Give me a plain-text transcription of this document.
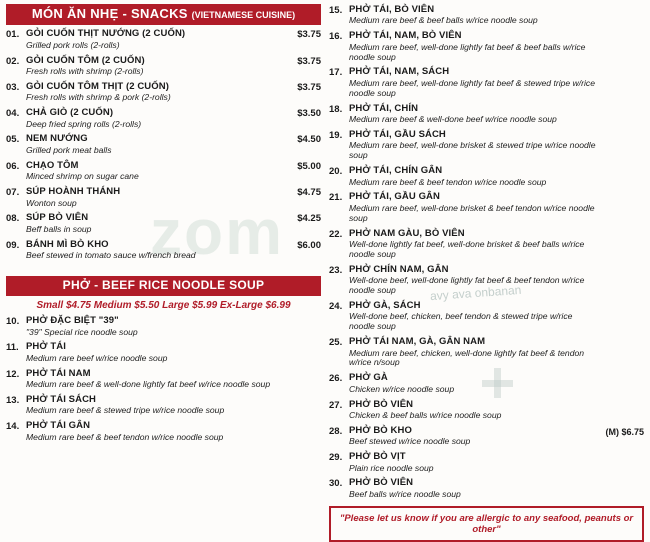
zom
avy ava onbanan
MÓN ĂN NHẸ - SNACKS (VIETNAMESE CUISINE)
01. GỎI CUỐN THỊT NƯỚNG (2 CUỐN)
Grilled pork rolls (2-rolls)
$3.75
02. GỎI CUỐN TÔM (2 CUỐN)
Fresh rolls with shrimp (2-rolls)
$3.75
03. GỎI CUỐN TÔM THỊT (2 CUỐN)
Fresh rolls with shrimp & pork (2-rolls)
$3.75
04. CHẢ GIÒ (2 CUỐN)
Deep fried spring rolls (2-rolls)
$3.50
05. NEM NƯỚNG
Grilled pork meat balls
$4.50
06. CHẠO TÔM
Minced shrimp on sugar cane
$5.00
07. SÚP HOÀNH THÁNH
Wonton soup
$4.75
08. SÚP BÒ VIÊN
Beff balls in soup
$4.25
09. BÁNH MÌ BÒ KHO
Beef stewed in tomato sauce w/french bread
$6.00
PHỞ - BEEF RICE NOODLE SOUP
Small $4.75 Medium $5.50 Large $5.99 Ex-Large $6.99
10. PHỞ ĐẶC BIỆT "39"
"39" Special rice noodle soup
11. PHỞ TÁI
Medium rare beef w/rice noodle soup
12. PHỞ TÁI NAM
Medium rare beef & well-done lightly fat beef w/rice noodle soup
13. PHỞ TÁI SÁCH
Medium rare beef & stewed tripe w/rice noodle soup
14. PHỞ TÁI GÂN
Medium rare beef & beef tendon w/rice noodle soup
15. PHỞ TÁI, BÒ VIÊN
Medium rare beef & beef balls w/rice noodle soup
16. PHỞ TÁI, NAM, BÒ VIÊN
Medium rare beef, well-done lightly fat beef & beef balls w/rice noodle soup
17. PHỞ TÁI, NAM, SÁCH
Medium rare beef, well-done lightly fat beef & stewed tripe w/rice noodle soup
18. PHỞ TÁI, CHÍN
Medium rare beef & well-done beef w/rice noodle soup
19. PHỞ TÁI, GẦU SÁCH
Medium rare beef, well-done brisket & stewed tripe w/rice noodle soup
20. PHỞ TÁI, CHÍN GÂN
Medium rare beef & beef tendon w/rice noodle soup
21. PHỞ TÁI, GẦU GÂN
Medium rare beef, well-done brisket & beef tendon w/rice noodle soup
22. PHỞ NAM GÀU, BÒ VIÊN
Well-done lightly fat beef, well-done brisket & beef balls w/rice noodle soup
23. PHỞ CHÍN NAM, GÂN
Well-done beef, well-done lightly fat beef & beef tendon w/rice noodle soup
24. PHỞ GÀ, SÁCH
Well-done beef, chicken, beef tendon & stewed tripe w/rice noodle soup
25. PHỞ TÁI NAM, GÀ, GÂN NAM
Medium rare beef, chicken, well-done lightly fat beef & tendon w/rice n/soup
26. PHỞ GÀ
Chicken w/rice noodle soup
27. PHỞ BÒ VIÊN
Chicken & beef balls w/rice noodle soup
28. PHỞ BÒ KHO
Beef stewed w/rice noodle soup
(M) $6.75
29. PHỞ BÒ VỊT
Plain rice noodle soup
30. PHỞ BÒ VIÊN
Beef balls w/rice noodle soup
"Please let us know if you are allergic to any seafood, peanuts or other"
